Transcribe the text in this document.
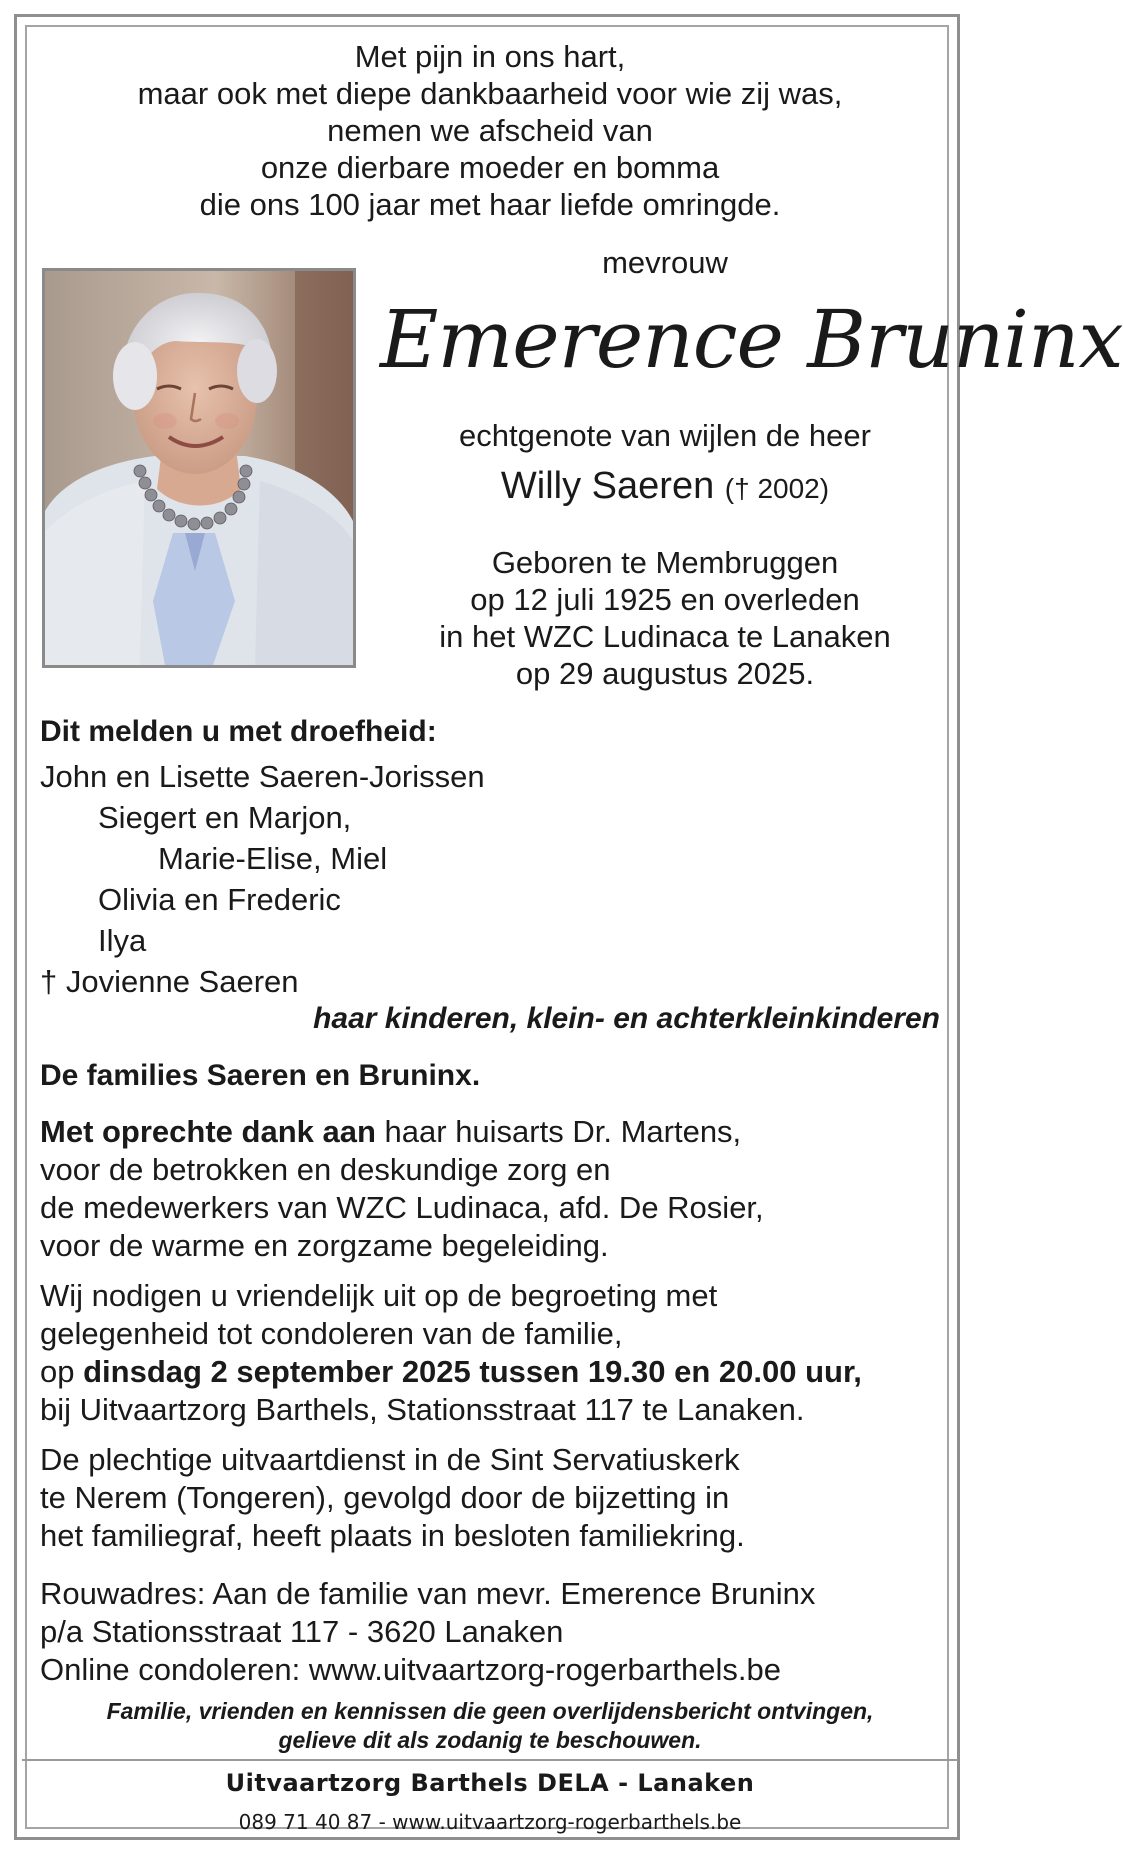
Met pijn in ons hart,
maar ook met diepe dankbaarheid voor wie zij was,
nemen we afscheid van
onze dierbare moeder en bomma
die ons 100 jaar met haar liefde omringde.
mevrouw
Emerence Bruninx
echtgenote van wijlen de heer
Willy Saeren († 2002)
Geboren te Membruggen
op 12 juli 1925 en overleden
in het WZC Ludinaca te Lanaken
op 29 augustus 2025.
Dit melden u met droefheid:
John en Lisette Saeren-Jorissen
Siegert en Marjon,
Marie-Elise, Miel
Olivia en Frederic
Ilya
† Jovienne Saeren
haar kinderen, klein- en achterkleinkinderen
De families Saeren en Bruninx.
Met oprechte dank aan haar huisarts Dr. Martens,
voor de betrokken en deskundige zorg en
de medewerkers van WZC Ludinaca, afd. De Rosier,
voor de warme en zorgzame begeleiding.
Wij nodigen u vriendelijk uit op de begroeting met
gelegenheid tot condoleren van de familie,
op dinsdag 2 september 2025 tussen 19.30 en 20.00 uur,
bij Uitvaartzorg Barthels, Stationsstraat 117 te Lanaken.
De plechtige uitvaartdienst in de Sint Servatiuskerk
te Nerem (Tongeren), gevolgd door de bijzetting in
het familiegraf, heeft plaats in besloten familiekring.
Rouwadres: Aan de familie van mevr. Emerence Bruninx
p/a Stationsstraat 117 - 3620 Lanaken
Online condoleren: www.uitvaartzorg-rogerbarthels.be
Familie, vrienden en kennissen die geen overlijdensbericht ontvingen,
gelieve dit als zodanig te beschouwen.
Uitvaartzorg Barthels DELA - Lanaken
089 71 40 87 - www.uitvaartzorg-rogerbarthels.be
